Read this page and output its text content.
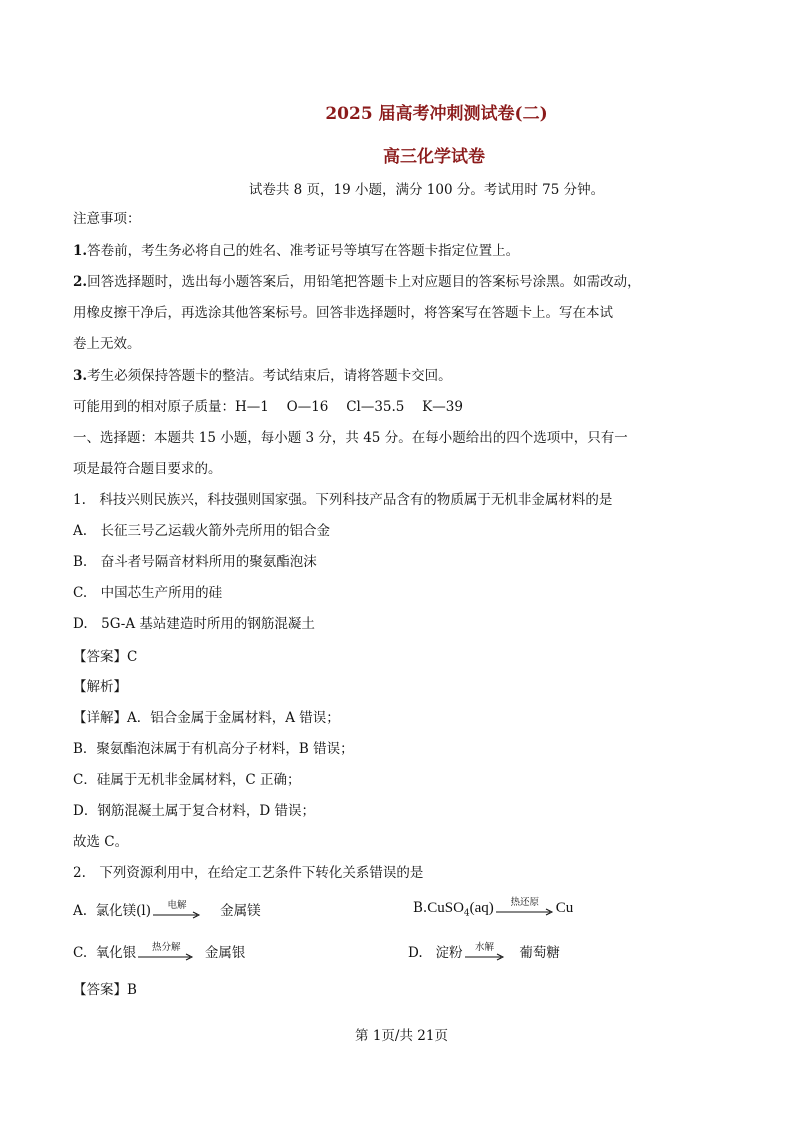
2025 届高考冲刺测试卷(二)
高三化学试卷
试卷共 8 页，19 小题，满分 100 分。考试用时 75 分钟。
注意事项：
1.答卷前，考生务必将自己的姓名、准考证号等填写在答题卡指定位置上。
2.回答选择题时，选出每小题答案后，用铅笔把答题卡上对应题目的答案标号涂黑。如需改动，
用橡皮擦干净后，再选涂其他答案标号。回答非选择题时，将答案写在答题卡上。写在本试
卷上无效。
3.考生必须保持答题卡的整洁。考试结束后，请将答题卡交回。
可能用到的相对原子质量：H—1　 O—16　 Cl—35.5　 K—39
一、选择题：本题共 15 小题，每小题 3 分，共 45 分。在每小题给出的四个选项中，只有一
项是最符合题目要求的。
1.　科技兴则民族兴，科技强则国家强。下列科技产品含有的物质属于无机非金属材料的是
A.　长征三号乙运载火箭外壳所用的铝合金
B.　奋斗者号隔音材料所用的聚氨酯泡沫
C.　中国芯生产所用的硅
D.　5G-A 基站建造时所用的钢筋混凝土
【答案】C
【解析】
【详解】A．铝合金属于金属材料，A 错误；
B．聚氨酯泡沫属于有机高分子材料，B 错误；
C．硅属于无机非金属材料，C 正确；
D．钢筋混凝土属于复合材料，D 错误；
故选 C。
2.　下列资源利用中，在给定工艺条件下转化关系错误的是
A. 氯化镁(l)	电解	金属镁	B.CuSO$_4$(aq)	热还原	Cu
C. 氧化银	热分解	金属银	D. 淀粉	水解	葡萄糖
【答案】B
第 1页/共 21页
